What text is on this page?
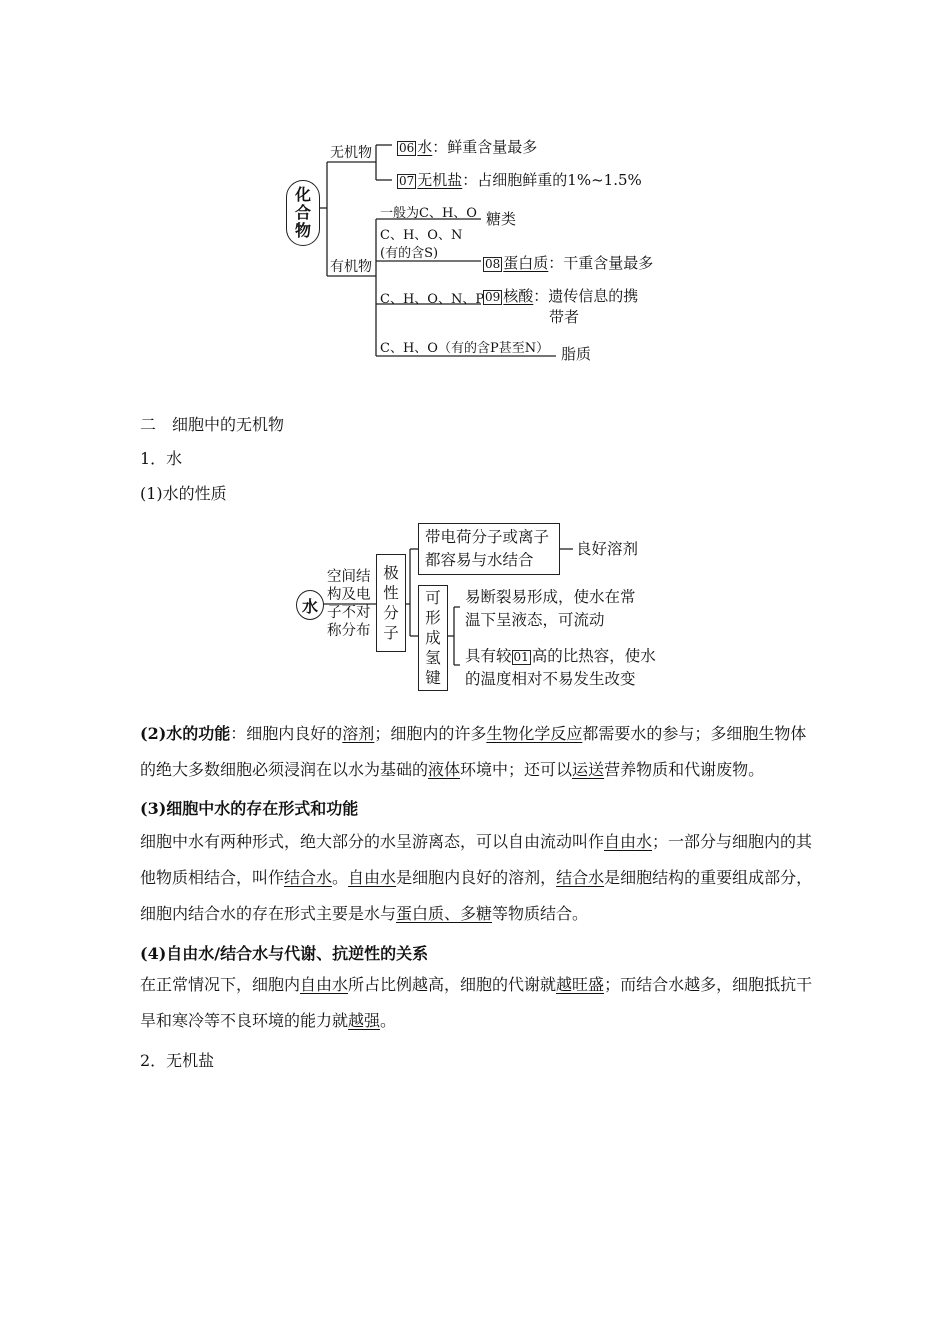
化
合
物
无机物
有机物
06 水：鲜重含量最多
07 无机盐：占细胞鲜重的1%~1.5%
一般为C、H、O 糖类
C、H、O、N
(有的含S)
08 蛋白质：干重含量最多
C、H、O、N、P 09 核酸：遗传信息的携
带者
C、H、O（有的含P甚至N） 脂质
二　细胞中的无机物
1．水
(1)水的性质
水
空间结
构及电
子不对
称分布
极
性
分
子
带电荷分子或离子
都容易与水结合
良好溶剂
可
形
成
氢
键
易断裂易形成，使水在常
温下呈液态，可流动
具有较 01 高的比热容，使水
的温度相对不易发生改变

(2)水的功能：细胞内良好的溶剂；细胞内的许多生物化学反应都需要水的参与；多细胞生物体的绝大多数细胞必须浸润在以水为基础的液体环境中；还可以运送营养物质和代谢废物。

(3)细胞中水的存在形式和功能

细胞中水有两种形式，绝大部分的水呈游离态，可以自由流动叫作自由水；一部分与细胞内的其他物质相结合，叫作结合水。自由水是细胞内良好的溶剂，结合水是细胞结构的重要组成部分，细胞内结合水的存在形式主要是水与蛋白质、多糖等物质结合。

(4)自由水/结合水与代谢、抗逆性的关系

在正常情况下，细胞内自由水所占比例越高，细胞的代谢就越旺盛；而结合水越多，细胞抵抗干旱和寒冷等不良环境的能力就越强。

2．无机盐
